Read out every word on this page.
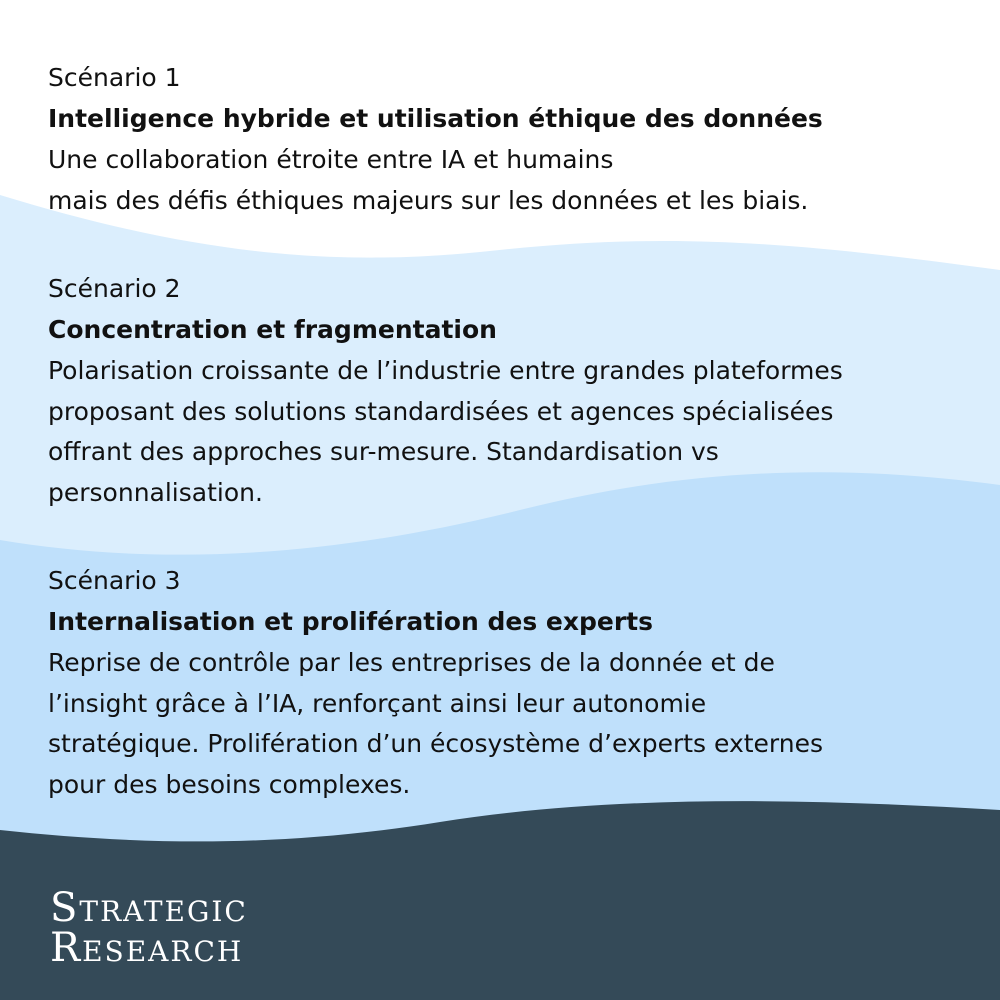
Scénario 1
Intelligence hybride et utilisation éthique des données
Une collaboration étroite entre IA et humains
mais des défis éthiques majeurs sur les données et les biais.
Scénario 2
Concentration et fragmentation
Polarisation croissante de l’industrie entre grandes plateformes
proposant des solutions standardisées et agences spécialisées
offrant des approches sur-mesure. Standardisation vs
personnalisation.
Scénario 3
Internalisation et prolifération des experts
Reprise de contrôle par les entreprises de la donnée et de
l’insight grâce à l’IA, renforçant ainsi leur autonomie
stratégique. Prolifération d’un écosystème d’experts externes
pour des besoins complexes.
Strategic
Research
